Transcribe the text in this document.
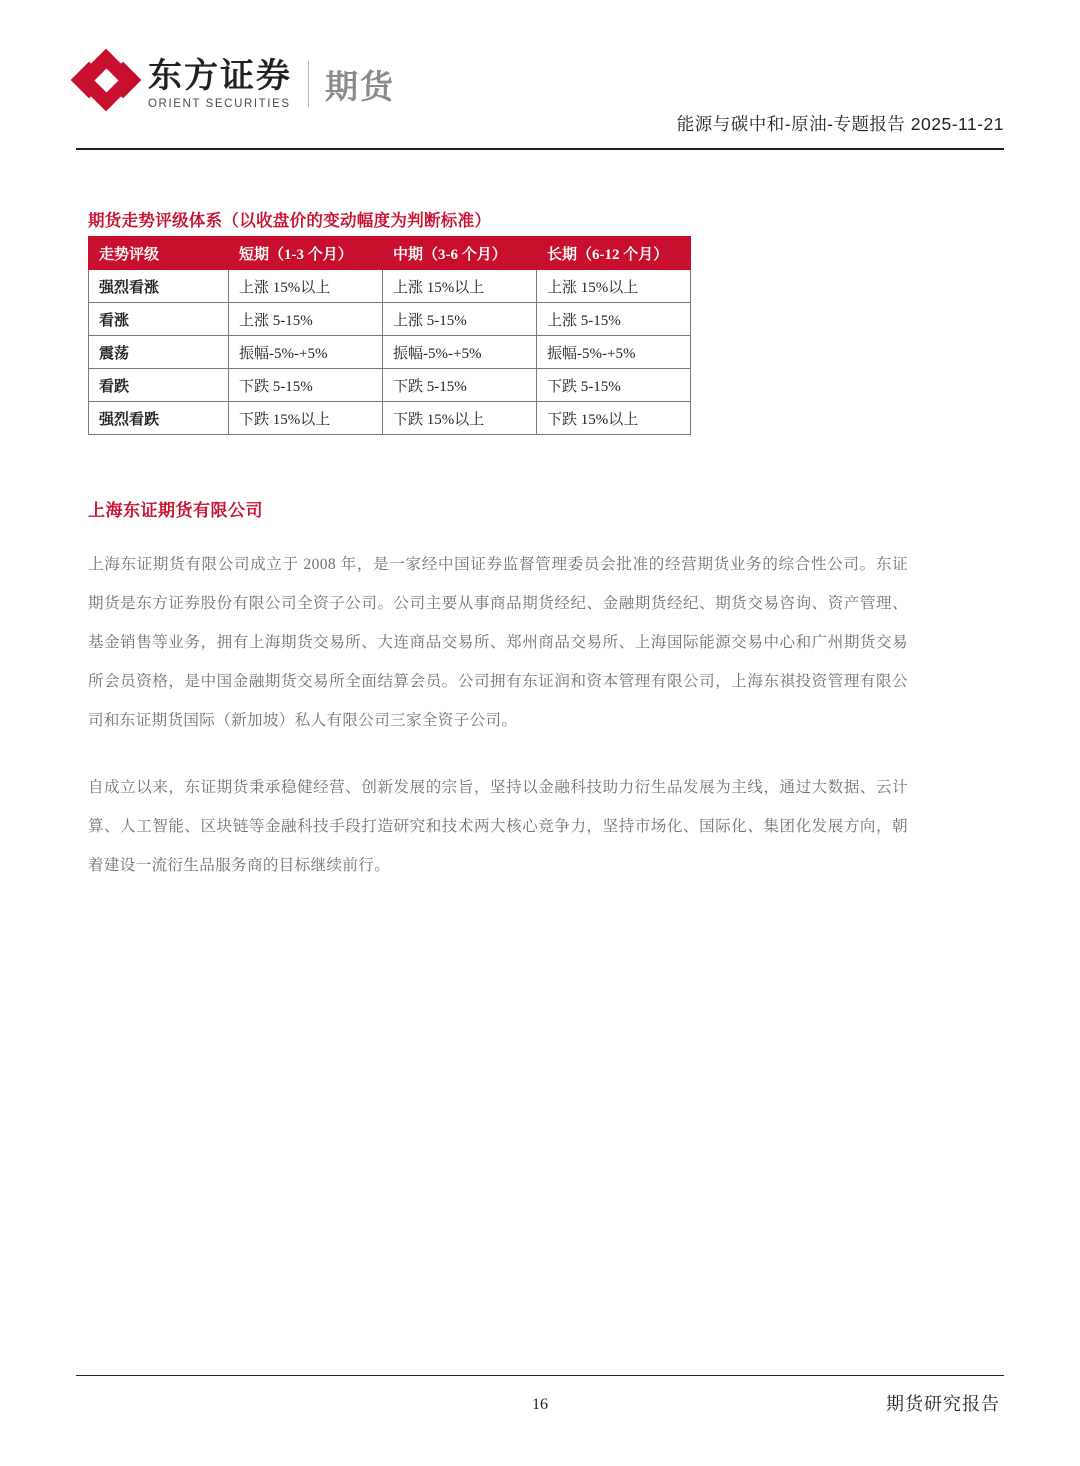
东方证券
ORIENT SECURITIES 期货
能源与碳中和-原油-专题报告 2025-11-21
期货走势评级体系（以收盘价的变动幅度为判断标准）
走势评级	短期（1-3 个月）	中期（3-6 个月）	长期（6-12 个月）
强烈看涨	上涨 15%以上	上涨 15%以上	上涨 15%以上
看涨	上涨 5-15%	上涨 5-15%	上涨 5-15%
震荡	振幅-5%-+5%	振幅-5%-+5%	振幅-5%-+5%
看跌	下跌 5-15%	下跌 5-15%	下跌 5-15%
强烈看跌	下跌 15%以上	下跌 15%以上	下跌 15%以上
上海东证期货有限公司

上海东证期货有限公司成立于 2008 年，是一家经中国证券监督管理委员会批准的经营期货业务的综合性公司。东证期货是东方证券股份有限公司全资子公司。公司主要从事商品期货经纪、金融期货经纪、期货交易咨询、资产管理、基金销售等业务，拥有上海期货交易所、大连商品交易所、郑州商品交易所、上海国际能源交易中心和广州期货交易所会员资格，是中国金融期货交易所全面结算会员。公司拥有东证润和资本管理有限公司，上海东祺投资管理有限公司和东证期货国际（新加坡）私人有限公司三家全资子公司。

自成立以来，东证期货秉承稳健经营、创新发展的宗旨，坚持以金融科技助力衍生品发展为主线，通过大数据、云计算、人工智能、区块链等金融科技手段打造研究和技术两大核心竞争力，坚持市场化、国际化、集团化发展方向，朝着建设一流衍生品服务商的目标继续前行。

16	期货研究报告
